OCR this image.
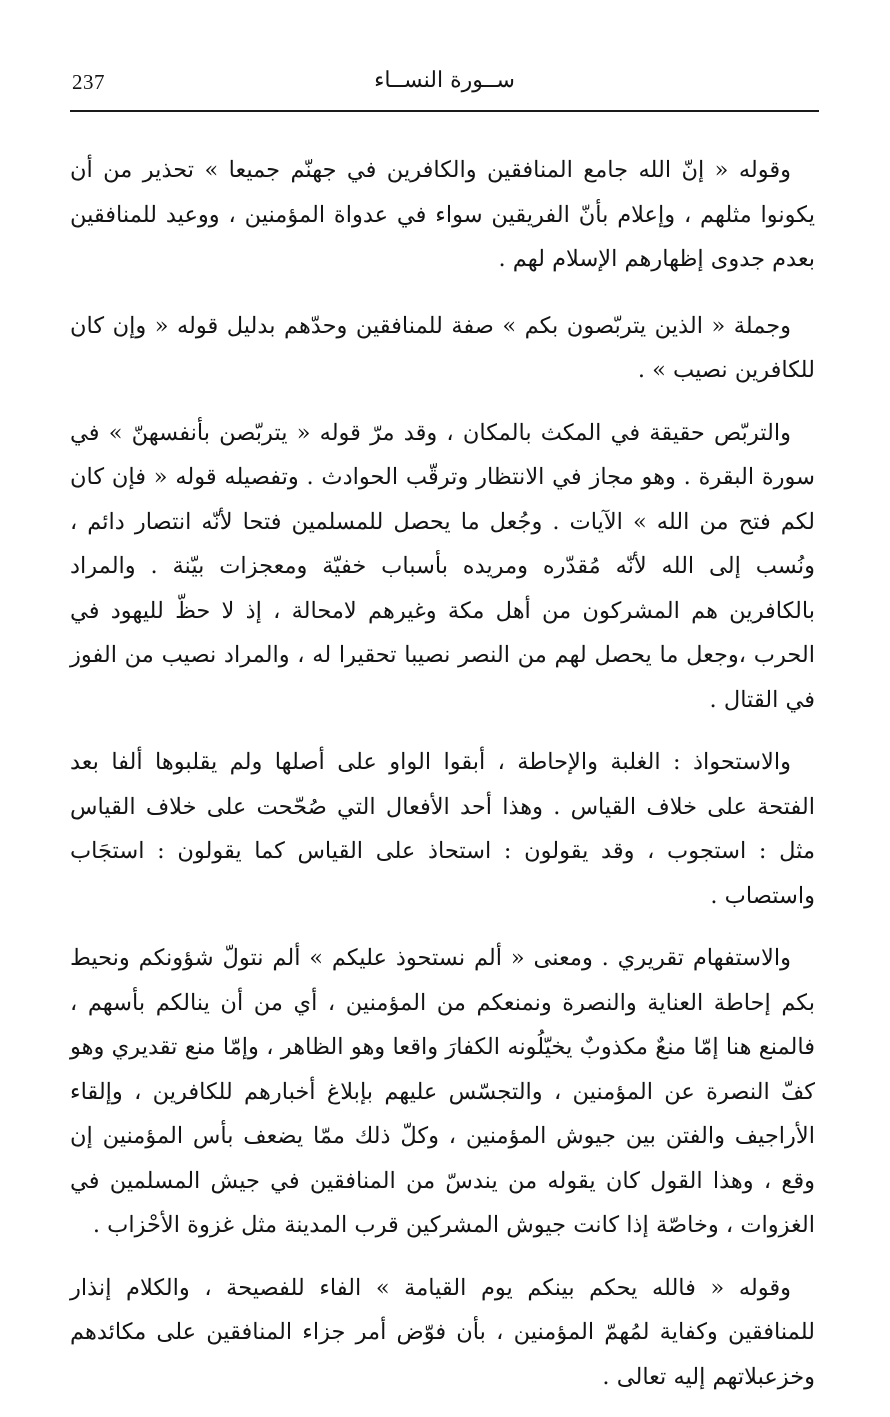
237	ســورة النســاء

وقوله « إنّ الله جامع المنافقين والكافرين في جهنّم جميعا » تحذير من أن يكونوا مثلهم ، وإعلام بأنّ الفريقين سواء في عدواة المؤمنين ، ووعيد للمنافقين بعدم جدوى إظهارهم الإسلام لهم .

وجملة « الذين يتربّصون بكم » صفة للمنافقين وحدّهم بدليل قوله « وإن كان للكافرين نصيب » .

والتربّص حقيقة في المكث بالمكان ، وقد مرّ قوله « يتربّصن بأنفسهنّ » في سورة البقرة . وهو مجاز في الانتظار وترقّب الحوادث . وتفصيله قوله « فإن كان لكم فتح من الله » الآيات . وجُعل ما يحصل للمسلمين فتحا لأنّه انتصار دائم ، ونُسب إلى الله لأنّه مُقدّره ومريده بأسباب خفيّة ومعجزات بيّنة . والمراد بالكافرين هم المشركون من أهل مكة وغيرهم لامحالة ، إذ لا حظّ لليهود في الحرب ،وجعل ما يحصل لهم من النصر نصيبا تحقيرا له ، والمراد نصيب من الفوز في القتال .

والاستحواذ : الغلبة والإحاطة ، أبقوا الواو على أصلها ولم يقلبوها ألفا بعد الفتحة على خلاف القياس . وهذا أحد الأفعال التي صُحّحت على خلاف القياس مثل : استجوب ، وقد يقولون : استحاذ على القياس كما يقولون : استجَاب واستصاب .

والاستفهام تقريري . ومعنى « ألم نستحوذ عليكم » ألم نتولّ شؤونكم ونحيط بكم إحاطة العناية والنصرة ونمنعكم من المؤمنين ، أي من أن ينالكم بأسهم ، فالمنع هنا إمّا منعٌ مكذوبٌ يخيّلُونه الكفارَ واقعا وهو الظاهر ، وإمّا منع تقديري وهو كفّ النصرة عن المؤمنين ، والتجسّس عليهم بإبلاغ أخبارهم للكافرين ، وإلقاء الأراجيف والفتن بين جيوش المؤمنين ، وكلّ ذلك ممّا يضعف بأس المؤمنين إن وقع ، وهذا القول كان يقوله من يندسّ من المنافقين في جيش المسلمين في الغزوات ، وخاصّة إذا كانت جيوش المشركين قرب المدينة مثل غزوة الأحْزاب .

وقوله « فالله يحكم بينكم يوم القيامة » الفاء للفصيحة ، والكلام إنذار للمنافقين وكفاية لمُهمّ المؤمنين ، بأن فوّض أمر جزاء المنافقين على مكائدهم وخزعبلاتهم إليه تعالى .
